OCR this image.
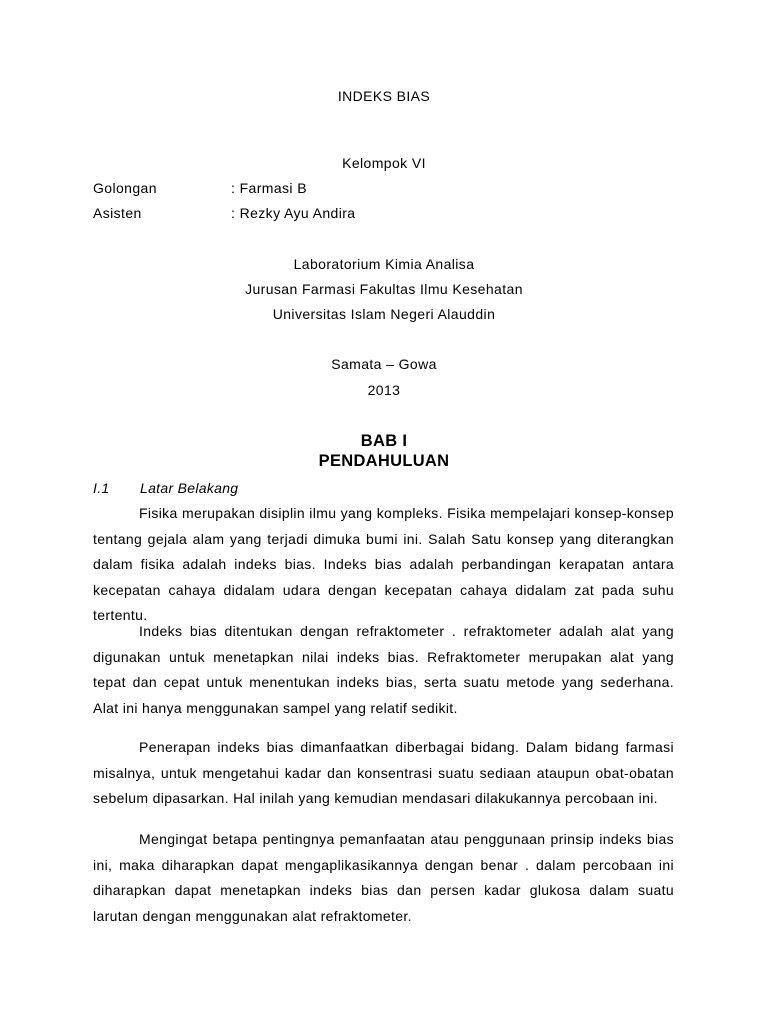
INDEKS BIAS
Kelompok VI
Golongan	: Farmasi B
Asisten	: Rezky Ayu Andira
Laboratorium Kimia Analisa
Jurusan Farmasi Fakultas Ilmu Kesehatan
Universitas Islam Negeri Alauddin
Samata – Gowa
2013
BAB I
PENDAHULUAN
I.1 Latar Belakang

Fisika merupakan disiplin ilmu yang kompleks. Fisika mempelajari konsep-konsep tentang gejala alam yang terjadi dimuka bumi ini. Salah Satu konsep yang diterangkan dalam fisika adalah indeks bias. Indeks bias adalah perbandingan kerapatan antara kecepatan cahaya didalam udara dengan kecepatan cahaya didalam zat pada suhu tertentu.

Indeks bias ditentukan dengan refraktometer . refraktometer adalah alat yang digunakan untuk menetapkan nilai indeks bias. Refraktometer merupakan alat yang tepat dan cepat untuk menentukan indeks bias, serta suatu metode yang sederhana. Alat ini hanya menggunakan sampel yang relatif sedikit.

Penerapan indeks bias dimanfaatkan diberbagai bidang. Dalam bidang farmasi misalnya, untuk mengetahui kadar dan konsentrasi suatu sediaan ataupun obat-obatan sebelum dipasarkan. Hal inilah yang kemudian mendasari dilakukannya percobaan ini.

Mengingat betapa pentingnya pemanfaatan atau penggunaan prinsip indeks bias ini, maka diharapkan dapat mengaplikasikannya dengan benar . dalam percobaan ini diharapkan dapat menetapkan indeks bias dan persen kadar glukosa dalam suatu larutan dengan menggunakan alat refraktometer.
